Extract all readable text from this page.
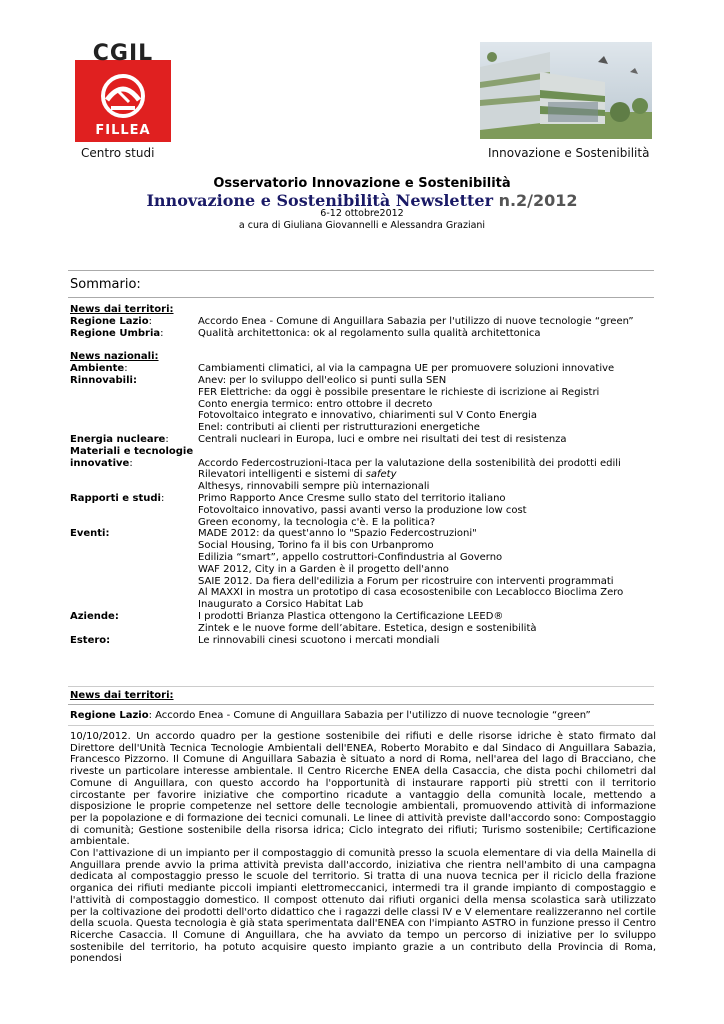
CGIL
FILLEA
Centro studi	Innovazione e Sostenibilità
Osservatorio Innovazione e Sostenibilità
Innovazione e Sostenibilità Newsletter n.2/2012
6-12 ottobre2012
a cura di Giuliana Giovannelli e Alessandra Graziani
Sommario:
News dai territori:
Regione Lazio:	Accordo Enea - Comune di Anguillara Sabazia per l'utilizzo di nuove tecnologie “green”
Regione Umbria:	Qualità architettonica: ok al regolamento sulla qualità architettonica
News nazionali:
Ambiente:	Cambiamenti climatici, al via la campagna UE per promuovere soluzioni innovative
Rinnovabili:	Anev: per lo sviluppo dell'eolico si punti sulla SEN
FER Elettriche: da oggi è possibile presentare le richieste di iscrizione ai Registri
Conto energia termico: entro ottobre il decreto
Fotovoltaico integrato e innovativo, chiarimenti sul V Conto Energia
Enel: contributi ai clienti per ristrutturazioni energetiche
Energia nucleare:	Centrali nucleari in Europa, luci e ombre nei risultati dei test di resistenza
Materiali e tecnologie
innovative:	Accordo Federcostruzioni-Itaca per la valutazione della sostenibilità dei prodotti edili
Rilevatori intelligenti e sistemi di safety
Althesys, rinnovabili sempre più internazionali
Rapporti e studi:	Primo Rapporto Ance Cresme sullo stato del territorio italiano
Fotovoltaico innovativo, passi avanti verso la produzione low cost
Green economy, la tecnologia c'è. E la politica?
Eventi:	MADE 2012: da quest'anno lo "Spazio Federcostruzioni"
Social Housing, Torino fa il bis con Urbanpromo
Edilizia “smart”, appello costruttori-Confindustria al Governo
WAF 2012, City in a Garden è il progetto dell'anno
SAIE 2012. Da fiera dell'edilizia a Forum per ricostruire con interventi programmati
Al MAXXI in mostra un prototipo di casa ecosostenibile con Lecablocco Bioclima Zero
Inaugurato a Corsico Habitat Lab
Aziende:	I prodotti Brianza Plastica ottengono la Certificazione LEED®
Zintek e le nuove forme dell’abitare. Estetica, design e sostenibilità
Estero:	Le rinnovabili cinesi scuotono i mercati mondiali
News dai territori:
Regione Lazio: Accordo Enea - Comune di Anguillara Sabazia per l'utilizzo di nuove tecnologie “green”

10/10/2012. Un accordo quadro per la gestione sostenibile dei rifiuti e delle risorse idriche è stato firmato dal Direttore dell'Unità Tecnica Tecnologie Ambientali dell'ENEA, Roberto Morabito e dal Sindaco di Anguillara Sabazia, Francesco Pizzorno. Il Comune di Anguillara Sabazia è situato a nord di Roma, nell'area del lago di Bracciano, che riveste un particolare interesse ambientale. Il Centro Ricerche ENEA della Casaccia, che dista pochi chilometri dal Comune di Anguillara, con questo accordo ha l'opportunità di instaurare rapporti più stretti con il territorio circostante per favorire iniziative che comportino ricadute a vantaggio della comunità locale, mettendo a disposizione le proprie competenze nel settore delle tecnologie ambientali, promuovendo attività di informazione per la popolazione e di formazione dei tecnici comunali. Le linee di attività previste dall'accordo sono: Compostaggio di comunità; Gestione sostenibile della risorsa idrica; Ciclo integrato dei rifiuti; Turismo sostenibile; Certificazione ambientale.

Con l'attivazione di un impianto per il compostaggio di comunità presso la scuola elementare di via della Mainella di Anguillara prende avvio la prima attività prevista dall'accordo, iniziativa che rientra nell'ambito di una campagna dedicata al compostaggio presso le scuole del territorio. Si tratta di una nuova tecnica per il riciclo della frazione organica dei rifiuti mediante piccoli impianti elettromeccanici, intermedi tra il grande impianto di compostaggio e l'attività di compostaggio domestico. Il compost ottenuto dai rifiuti organici della mensa scolastica sarà utilizzato per la coltivazione dei prodotti dell'orto didattico che i ragazzi delle classi IV e V elementare realizzeranno nel cortile della scuola. Questa tecnologia è già stata sperimentata dall'ENEA con l'impianto ASTRO in funzione presso il Centro Ricerche Casaccia. Il Comune di Anguillara, che ha avviato da tempo un percorso di iniziative per lo sviluppo sostenibile del territorio, ha potuto acquisire questo impianto grazie a un contributo della Provincia di Roma, ponendosi
